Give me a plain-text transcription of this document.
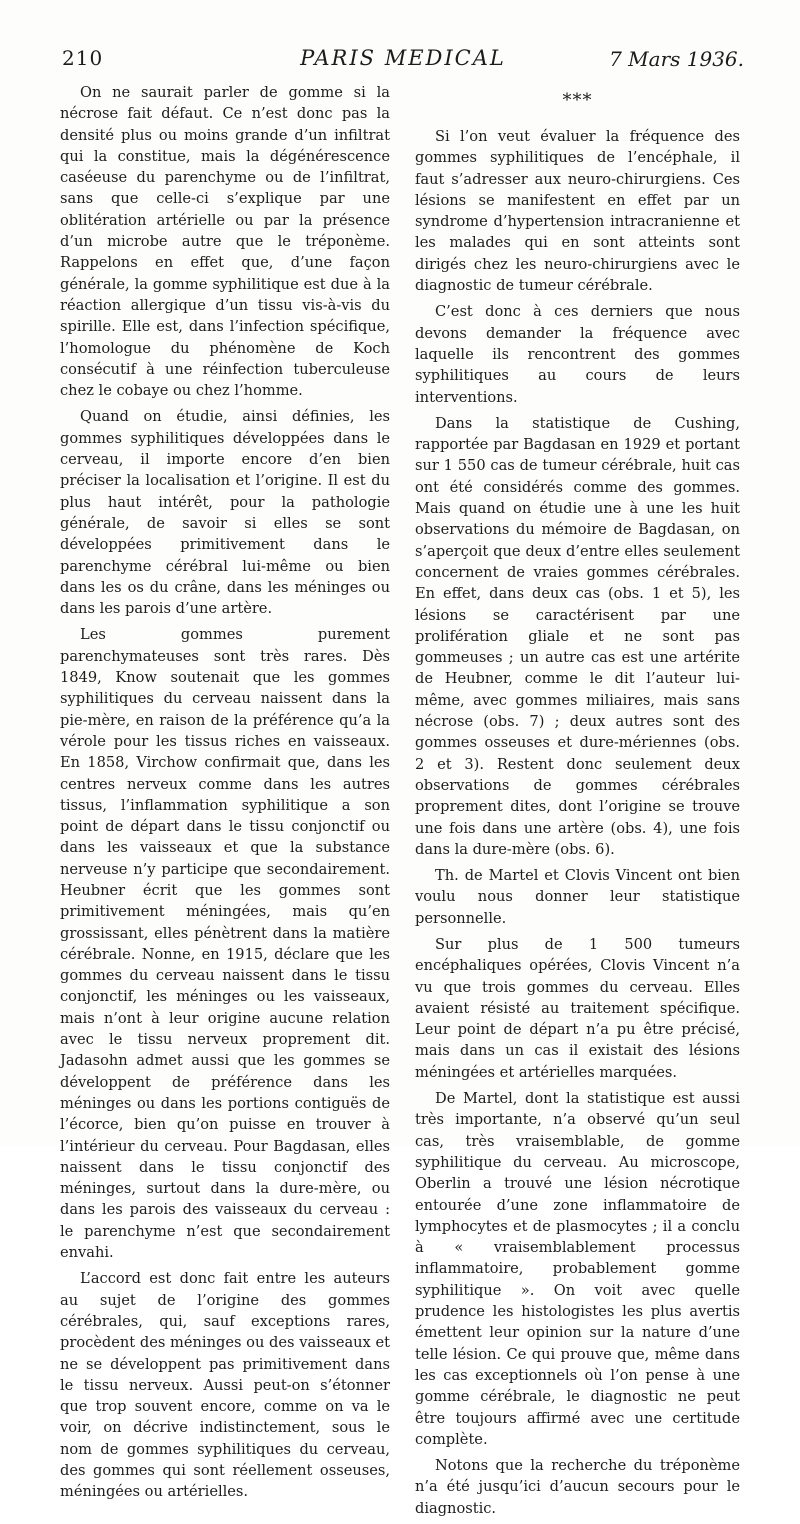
210	PARIS MEDICAL	7 Mars 1936.

On ne saurait parler de gomme si la nécrose fait défaut. Ce n’est donc pas la densité plus ou moins grande d’un infiltrat qui la constitue, mais la dégénérescence caséeuse du parenchyme ou de l’infiltrat, sans que celle-ci s’explique par une oblitération artérielle ou par la présence d’un microbe autre que le tréponème. Rappelons en effet que, d’une façon générale, la gomme syphilitique est due à la réaction allergique d’un tissu vis-à-vis du spirille. Elle est, dans l’infection spécifique, l’homologue du phénomène de Koch consécutif à une réinfection tuberculeuse chez le cobaye ou chez l’homme.

Quand on étudie, ainsi définies, les gommes syphilitiques développées dans le cerveau, il importe encore d’en bien préciser la localisation et l’origine. Il est du plus haut intérêt, pour la pathologie générale, de savoir si elles se sont développées primitivement dans le parenchyme cérébral lui-même ou bien dans les os du crâne, dans les méninges ou dans les parois d’une artère.

Les gommes purement parenchymateuses sont très rares. Dès 1849, Know soutenait que les gommes syphilitiques du cerveau naissent dans la pie-mère, en raison de la préférence qu’a la vérole pour les tissus riches en vaisseaux. En 1858, Virchow confirmait que, dans les centres nerveux comme dans les autres tissus, l’inflammation syphilitique a son point de départ dans le tissu conjonctif ou dans les vaisseaux et que la substance nerveuse n’y participe que secondairement. Heubner écrit que les gommes sont primitivement méningées, mais qu’en grossissant, elles pénètrent dans la matière cérébrale. Nonne, en 1915, déclare que les gommes du cerveau naissent dans le tissu conjonctif, les méninges ou les vaisseaux, mais n’ont à leur origine aucune relation avec le tissu nerveux proprement dit. Jadasohn admet aussi que les gommes se développent de préférence dans les méninges ou dans les portions contiguës de l’écorce, bien qu’on puisse en trouver à l’intérieur du cerveau. Pour Bagdasan, elles naissent dans le tissu conjonctif des méninges, surtout dans la dure-mère, ou dans les parois des vaisseaux du cerveau : le parenchyme n’est que secondairement envahi.

L’accord est donc fait entre les auteurs au sujet de l’origine des gommes cérébrales, qui, sauf exceptions rares, procèdent des méninges ou des vaisseaux et ne se développent pas primitivement dans le tissu nerveux. Aussi peut-on s’étonner que trop souvent encore, comme on va le voir, on décrive indistinctement, sous le nom de gommes syphilitiques du cerveau, des gommes qui sont réellement osseuses, méningées ou artérielles.

***

Si l’on veut évaluer la fréquence des gommes syphilitiques de l’encéphale, il faut s’adresser aux neuro-chirurgiens. Ces lésions se manifestent en effet par un syndrome d’hypertension intracranienne et les malades qui en sont atteints sont dirigés chez les neuro-chirurgiens avec le diagnostic de tumeur cérébrale.

C’est donc à ces derniers que nous devons demander la fréquence avec laquelle ils rencontrent des gommes syphilitiques au cours de leurs interventions.

Dans la statistique de Cushing, rapportée par Bagdasan en 1929 et portant sur 1 550 cas de tumeur cérébrale, huit cas ont été considérés comme des gommes. Mais quand on étudie une à une les huit observations du mémoire de Bagdasan, on s’aperçoit que deux d’entre elles seulement concernent de vraies gommes cérébrales. En effet, dans deux cas (obs. 1 et 5), les lésions se caractérisent par une prolifération gliale et ne sont pas gommeuses ; un autre cas est une artérite de Heubner, comme le dit l’auteur lui-même, avec gommes miliaires, mais sans nécrose (obs. 7) ; deux autres sont des gommes osseuses et dure-mériennes (obs. 2 et 3). Restent donc seulement deux observations de gommes cérébrales proprement dites, dont l’origine se trouve une fois dans une artère (obs. 4), une fois dans la dure-mère (obs. 6).

Th. de Martel et Clovis Vincent ont bien voulu nous donner leur statistique personnelle.

Sur plus de 1 500 tumeurs encéphaliques opérées, Clovis Vincent n’a vu que trois gommes du cerveau. Elles avaient résisté au traitement spécifique. Leur point de départ n’a pu être précisé, mais dans un cas il existait des lésions méningées et artérielles marquées.

De Martel, dont la statistique est aussi très importante, n’a observé qu’un seul cas, très vraisemblable, de gomme syphilitique du cerveau. Au microscope, Oberlin a trouvé une lésion nécrotique entourée d’une zone inflammatoire de lymphocytes et de plasmocytes ; il a conclu à « vraisemblablement processus inflammatoire, probablement gomme syphilitique ». On voit avec quelle prudence les histologistes les plus avertis émettent leur opinion sur la nature d’une telle lésion. Ce qui prouve que, même dans les cas exceptionnels où l’on pense à une gomme cérébrale, le diagnostic ne peut être toujours affirmé avec une certitude complète.

Notons que la recherche du tréponème n’a été jusqu’ici d’aucun secours pour le diagnostic.
